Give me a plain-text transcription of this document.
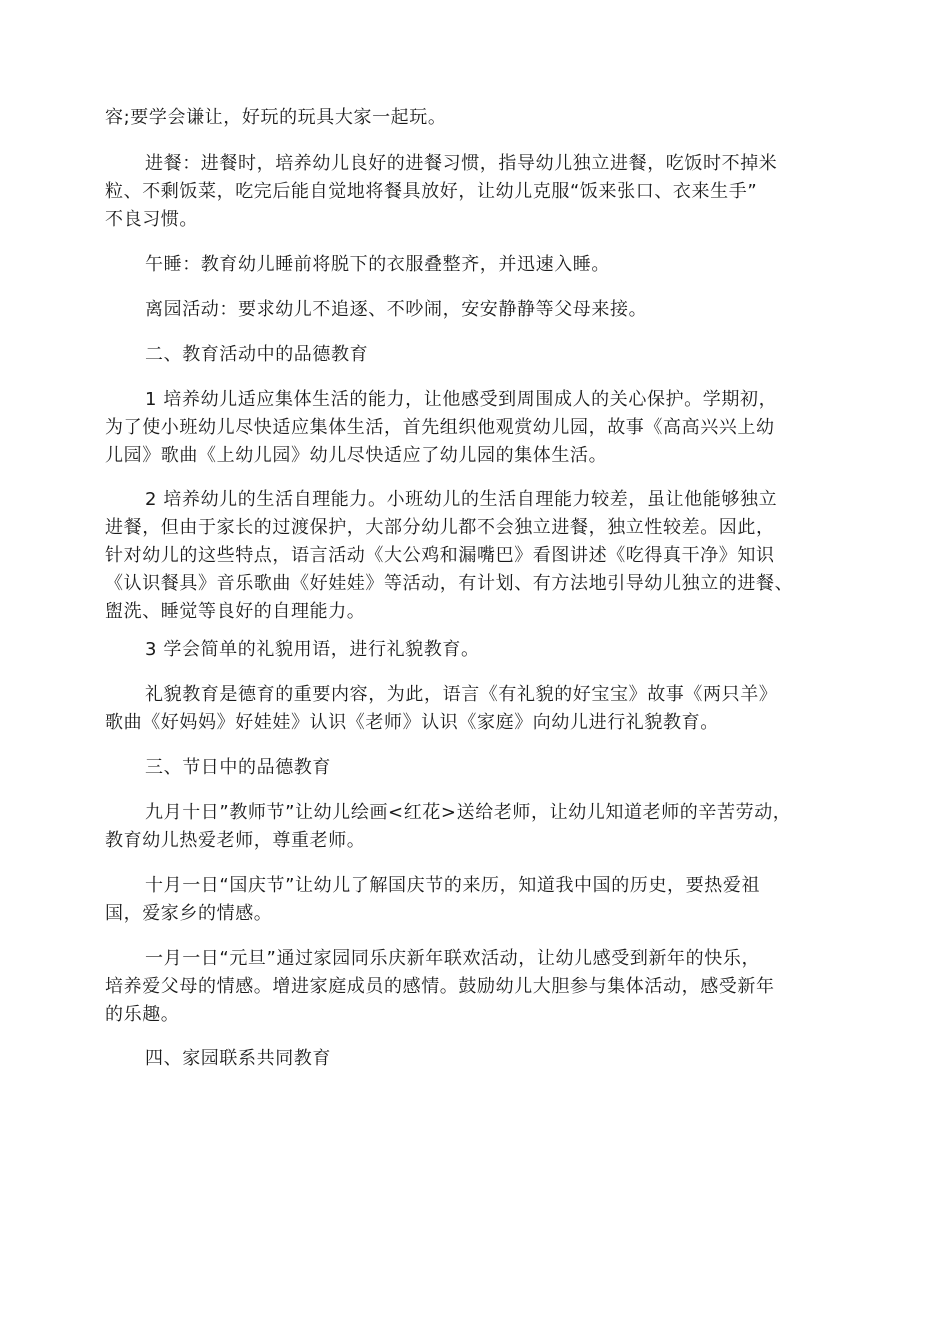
容;要学会谦让，好玩的玩具大家一起玩。

进餐：进餐时，培养幼儿良好的进餐习惯，指导幼儿独立进餐，吃饭时不掉米
粒、不剩饭菜，吃完后能自觉地将餐具放好，让幼儿克服“饭来张口、衣来生手”
不良习惯。

午睡：教育幼儿睡前将脱下的衣服叠整齐，并迅速入睡。

离园活动：要求幼儿不追逐、不吵闹，安安静静等父母来接。

二、教育活动中的品德教育

1 培养幼儿适应集体生活的能力，让他感受到周围成人的关心保护。学期初，
为了使小班幼儿尽快适应集体生活，首先组织他观赏幼儿园，故事《高高兴兴上幼
儿园》歌曲《上幼儿园》幼儿尽快适应了幼儿园的集体生活。

2 培养幼儿的生活自理能力。小班幼儿的生活自理能力较差，虽让他能够独立
进餐，但由于家长的过渡保护，大部分幼儿都不会独立进餐，独立性较差。因此，
针对幼儿的这些特点，语言活动《大公鸡和漏嘴巴》看图讲述《吃得真干净》知识
《认识餐具》音乐歌曲《好娃娃》等活动，有计划、有方法地引导幼儿独立的进餐、
盥洗、睡觉等良好的自理能力。

3 学会简单的礼貌用语，进行礼貌教育。

礼貌教育是德育的重要内容，为此，语言《有礼貌的好宝宝》故事《两只羊》
歌曲《好妈妈》好娃娃》认识《老师》认识《家庭》向幼儿进行礼貌教育。

三、节日中的品德教育

九月十日”教师节”让幼儿绘画<红花>送给老师，让幼儿知道老师的辛苦劳动，
教育幼儿热爱老师，尊重老师。

十月一日“国庆节”让幼儿了解国庆节的来历，知道我中国的历史，要热爱祖
国，爱家乡的情感。

一月一日“元旦”通过家园同乐庆新年联欢活动，让幼儿感受到新年的快乐，
培养爱父母的情感。增进家庭成员的感情。鼓励幼儿大胆参与集体活动，感受新年
的乐趣。

四、家园联系共同教育
